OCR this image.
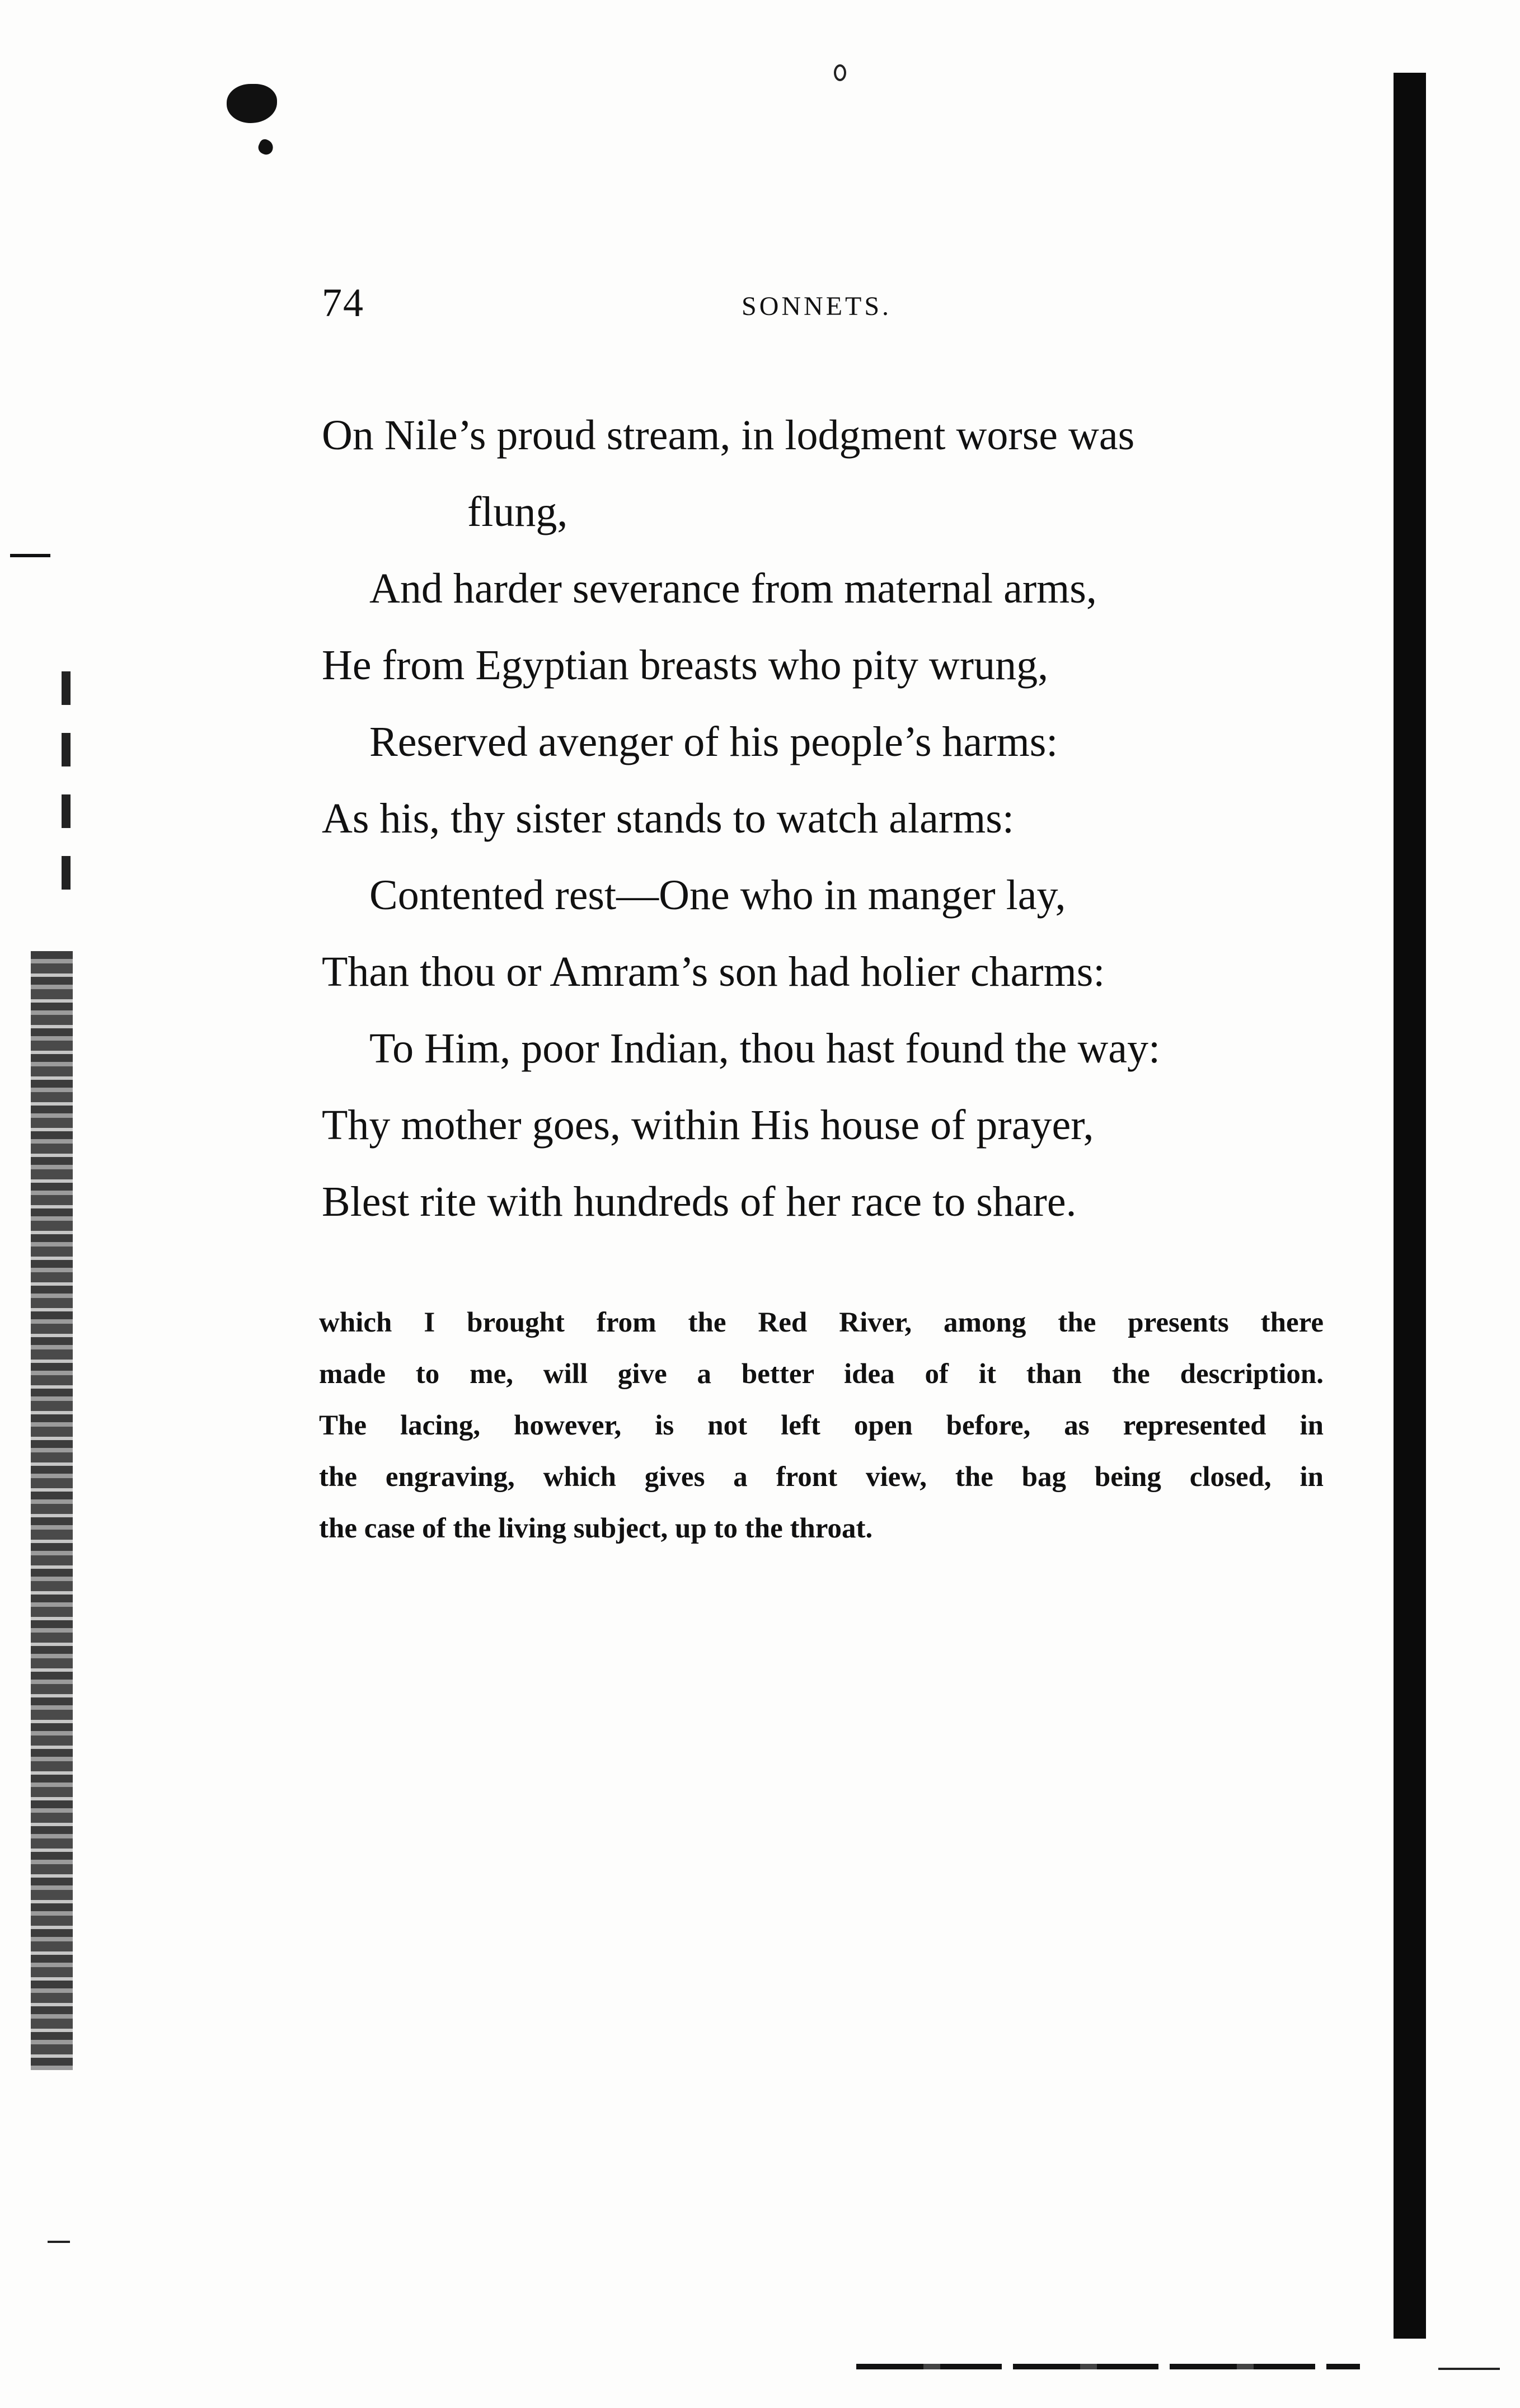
74	SONNETS.
On Nile’s proud stream, in lodgment worse was
flung,
And harder severance from maternal arms,
He from Egyptian breasts who pity wrung,
Reserved avenger of his people’s harms:
As his, thy sister stands to watch alarms:
Contented rest—One who in manger lay,
Than thou or Amram’s son had holier charms:
To Him, poor Indian, thou hast found the way:
Thy mother goes, within His house of prayer,
Blest rite with hundreds of her race to share.
which I brought from the Red River, among the presents there
made to me, will give a better idea of it than the description.
The lacing, however, is not left open before, as represented in
the engraving, which gives a front view, the bag being closed, in
the case of the living subject, up to the throat.
